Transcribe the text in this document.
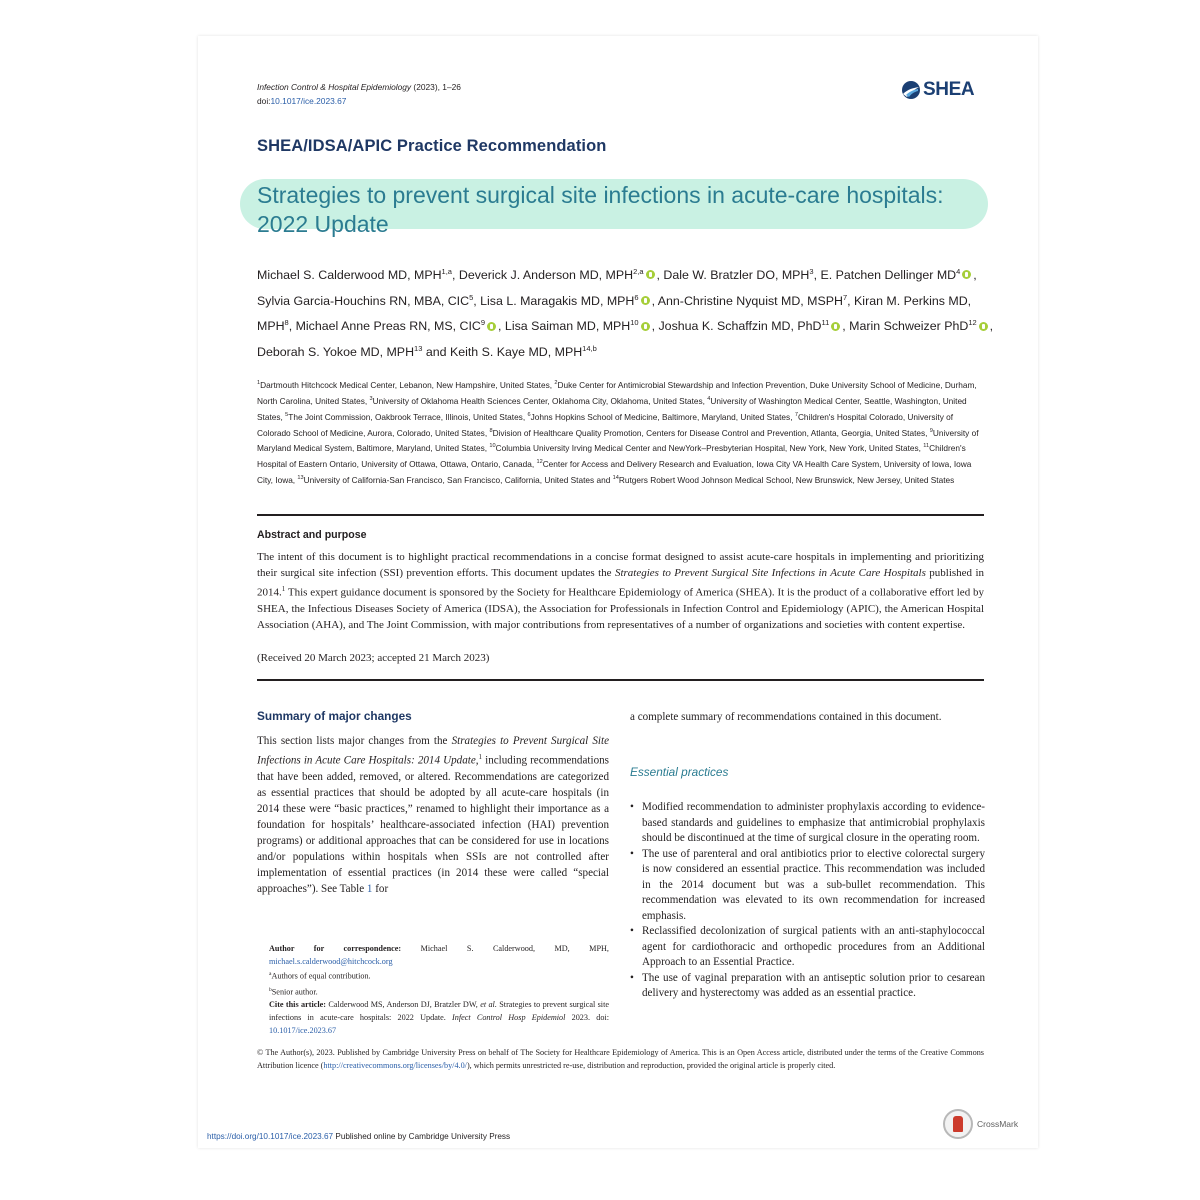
Infection Control & Hospital Epidemiology (2023), 1–26
doi:10.1017/ice.2023.67
SHEA
SHEA/IDSA/APIC Practice Recommendation
Strategies to prevent surgical site infections in acute-care hospitals: 2022 Update
Michael S. Calderwood MD, MPH$^{1,a}$, Deverick J. Anderson MD, MPH$^{2,a}$ , Dale W. Bratzler DO, MPH$^3$, E. Patchen Dellinger $MD^4$ , Sylvia Garcia-Houchins RN, MBA, CIC$^5$, Lisa L. Maragakis MD, MPH$^6$ , Ann-Christine Nyquist MD, MSPH$^7$, Kiran M. Perkins MD, MPH$^8$, Michael Anne Preas RN, MS, CIC$^9$ , Lisa Saiman MD, MPH$^{10}$ , Joshua K. Schaffzin MD, PhD$^{11}$ , Marin Schweizer PhD$^{12}$ , Deborah S. Yokoe MD, MPH$^{13}$ and Keith S. Kaye MD, MPH$^{14,b}$
$^1$Dartmouth Hitchcock Medical Center, Lebanon, New Hampshire, United States, $^2$Duke Center for Antimicrobial Stewardship and Infection Prevention, Duke University School of Medicine, Durham, North Carolina, United States, $^3$University of Oklahoma Health Sciences Center, Oklahoma City, Oklahoma, United States, $^4$University of Washington Medical Center, Seattle, Washington, United States, $^5$The Joint Commission, Oakbrook Terrace, Illinois, United States, $^6$Johns Hopkins School of Medicine, Baltimore, Maryland, United States, $^7$Children's Hospital Colorado, University of Colorado School of Medicine, Aurora, Colorado, United States, $^8$Division of Healthcare Quality Promotion, Centers for Disease Control and Prevention, Atlanta, Georgia, United States, $^9$University of Maryland Medical System, Baltimore, Maryland, United States, $^{10}$Columbia University Irving Medical Center and NewYork–Presbyterian Hospital, New York, New York, United States, $^{11}$Children's Hospital of Eastern Ontario, University of Ottawa, Ottawa, Ontario, Canada, $^{12}$Center for Access and Delivery Research and Evaluation, Iowa City VA Health Care System, University of Iowa, Iowa City, Iowa, $^{13}$University of California-San Francisco, San Francisco, California, United States and $^{14}$Rutgers Robert Wood Johnson Medical School, New Brunswick, New Jersey, United States
Abstract and purpose
The intent of this document is to highlight practical recommendations in a concise format designed to assist acute-care hospitals in implementing and prioritizing their surgical site infection (SSI) prevention efforts. This document updates the Strategies to Prevent Surgical Site Infections in Acute Care Hospitals published in 2014.$^1$ This expert guidance document is sponsored by the Society for Healthcare Epidemiology of America (SHEA). It is the product of a collaborative effort led by SHEA, the Infectious Diseases Society of America (IDSA), the Association for Professionals in Infection Control and Epidemiology (APIC), the American Hospital Association (AHA), and The Joint Commission, with major contributions from representatives of a number of organizations and societies with content expertise.
(Received 20 March 2023; accepted 21 March 2023)
Summary of major changes
This section lists major changes from the Strategies to Prevent Surgical Site Infections in Acute Care Hospitals: 2014 Update,$^1$ including recommendations that have been added, removed, or altered. Recommendations are categorized as essential practices that should be adopted by all acute-care hospitals (in 2014 these were “basic practices,” renamed to highlight their importance as a foundation for hospitals’ healthcare-associated infection (HAI) prevention programs) or additional approaches that can be considered for use in locations and/or populations within hospitals when SSIs are not controlled after implementation of essential practices (in 2014 these were called “special approaches”). See Table 1 for
a complete summary of recommendations contained in this document.
Essential practices
• Modified recommendation to administer prophylaxis according to evidence-based standards and guidelines to emphasize that antimicrobial prophylaxis should be discontinued at the time of surgical closure in the operating room.
• The use of parenteral and oral antibiotics prior to elective colorectal surgery is now considered an essential practice. This recommendation was included in the 2014 document but was a sub-bullet recommendation. This recommendation was elevated to its own recommendation for increased emphasis.
• Reclassified decolonization of surgical patients with an anti-staphylococcal agent for cardiothoracic and orthopedic procedures from an Additional Approach to an Essential Practice.
• The use of vaginal preparation with an antiseptic solution prior to cesarean delivery and hysterectomy was added as an essential practice.
Author for correspondence: Michael S. Calderwood, MD, MPH, michael.s.calderwood@hitchcock.org
$^a$Authors of equal contribution.
$^b$Senior author.
Cite this article: Calderwood MS, Anderson DJ, Bratzler DW, et al. Strategies to prevent surgical site infections in acute-care hospitals: 2022 Update. Infect Control Hosp Epidemiol 2023. doi: 10.1017/ice.2023.67
© The Author(s), 2023. Published by Cambridge University Press on behalf of The Society for Healthcare Epidemiology of America. This is an Open Access article, distributed under the terms of the Creative Commons Attribution licence (http://creativecommons.org/licenses/by/4.0/), which permits unrestricted re-use, distribution and reproduction, provided the original article is properly cited.
https://doi.org/10.1017/ice.2023.67 Published online by Cambridge University Press
CrossMark
